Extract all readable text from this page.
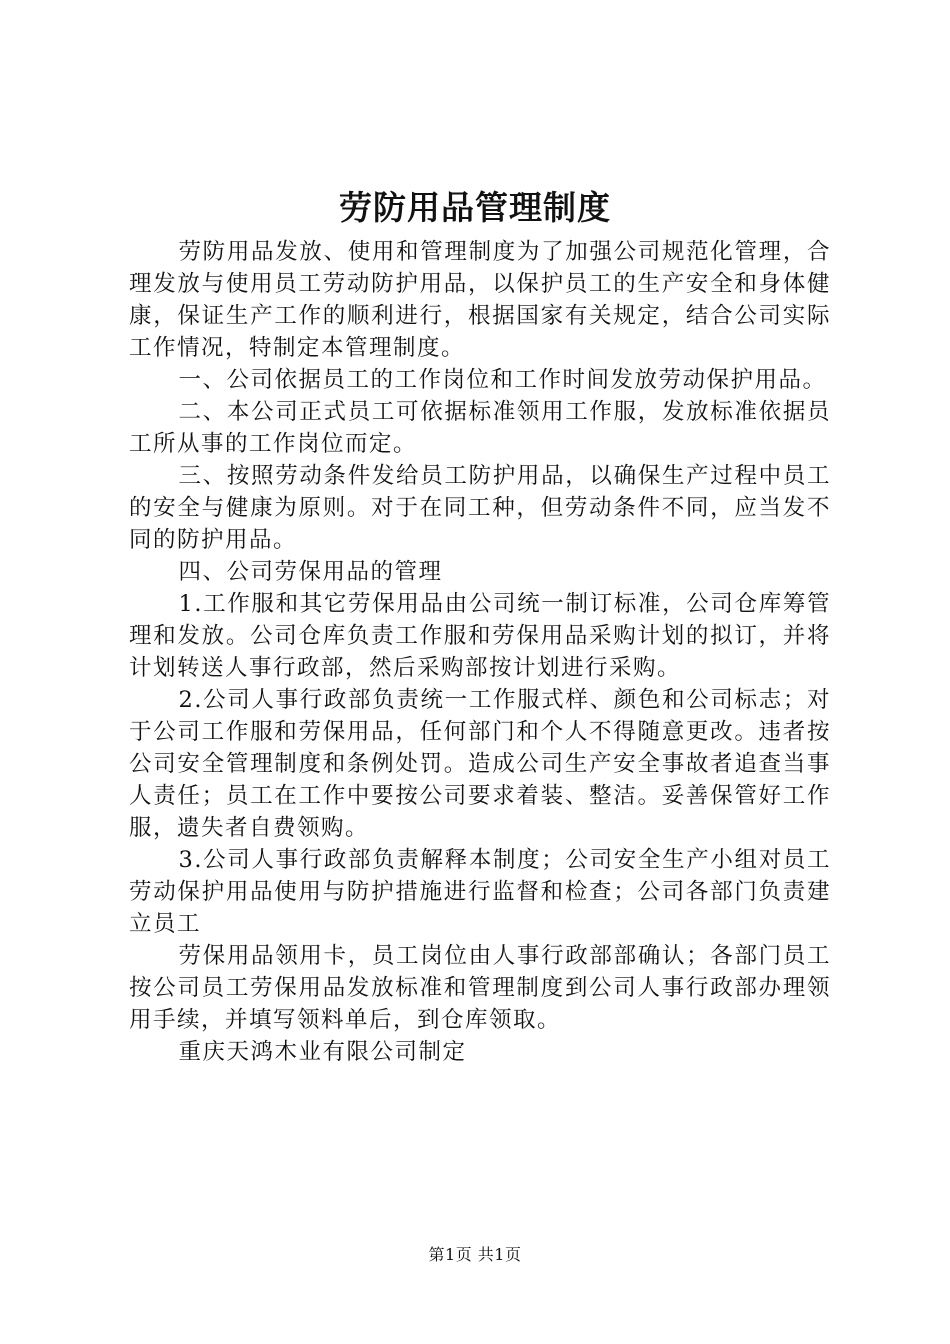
劳防用品管理制度

劳防用品发放、使用和管理制度为了加强公司规范化管理，合理发放与使用员工劳动防护用品，以保护员工的生产安全和身体健康，保证生产工作的顺利进行，根据国家有关规定，结合公司实际工作情况，特制定本管理制度。

一、公司依据员工的工作岗位和工作时间发放劳动保护用品。

二、本公司正式员工可依据标准领用工作服，发放标准依据员工所从事的工作岗位而定。

三、按照劳动条件发给员工防护用品，以确保生产过程中员工的安全与健康为原则。对于在同工种，但劳动条件不同，应当发不同的防护用品。

四、公司劳保用品的管理

1.工作服和其它劳保用品由公司统一制订标准，公司仓库筹管理和发放。公司仓库负责工作服和劳保用品采购计划的拟订，并将计划转送人事行政部，然后采购部按计划进行采购。

2.公司人事行政部负责统一工作服式样、颜色和公司标志；对于公司工作服和劳保用品，任何部门和个人不得随意更改。违者按公司安全管理制度和条例处罚。造成公司生产安全事故者追查当事人责任；员工在工作中要按公司要求着装、整洁。妥善保管好工作服，遗失者自费领购。

3.公司人事行政部负责解释本制度；公司安全生产小组对员工劳动保护用品使用与防护措施进行监督和检查；公司各部门负责建立员工

劳保用品领用卡，员工岗位由人事行政部部确认；各部门员工按公司员工劳保用品发放标准和管理制度到公司人事行政部办理领用手续，并填写领料单后，到仓库领取。

重庆天鸿木业有限公司制定

第1页 共1页
